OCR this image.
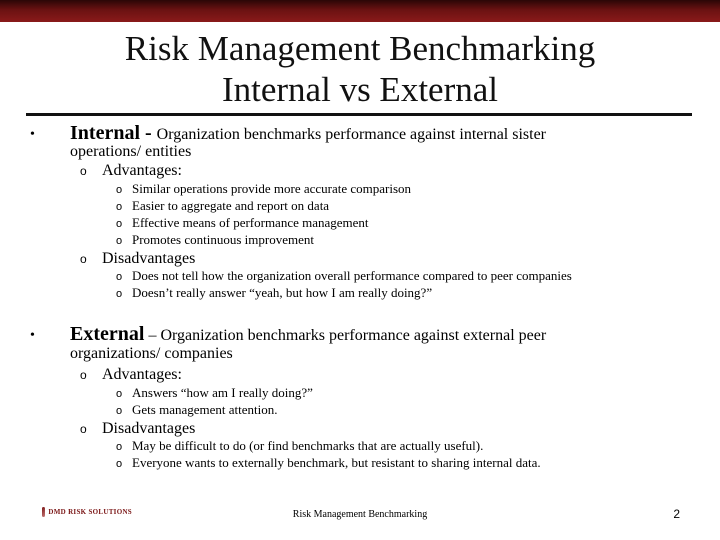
Risk Management Benchmarking
Internal vs External
• Internal - Organization benchmarks performance against internal sister
operations/ entities
o Advantages:
o Similar operations provide more accurate comparison
o Easier to aggregate and report on data
o Effective means of performance management
o Promotes continuous improvement
o Disadvantages
o Does not tell how the organization overall performance compared to peer companies
o Doesn’t really answer “yeah, but how I am really doing?”
• External – Organization benchmarks performance against external peer
organizations/ companies
o Advantages:
o Answers “how am I really doing?”
o Gets management attention.
o Disadvantages
o May be difficult to do (or find benchmarks that are actually useful).
o Everyone wants to externally benchmark, but resistant to sharing internal data.
DMD RISK SOLUTIONS	Risk Management Benchmarking	2
